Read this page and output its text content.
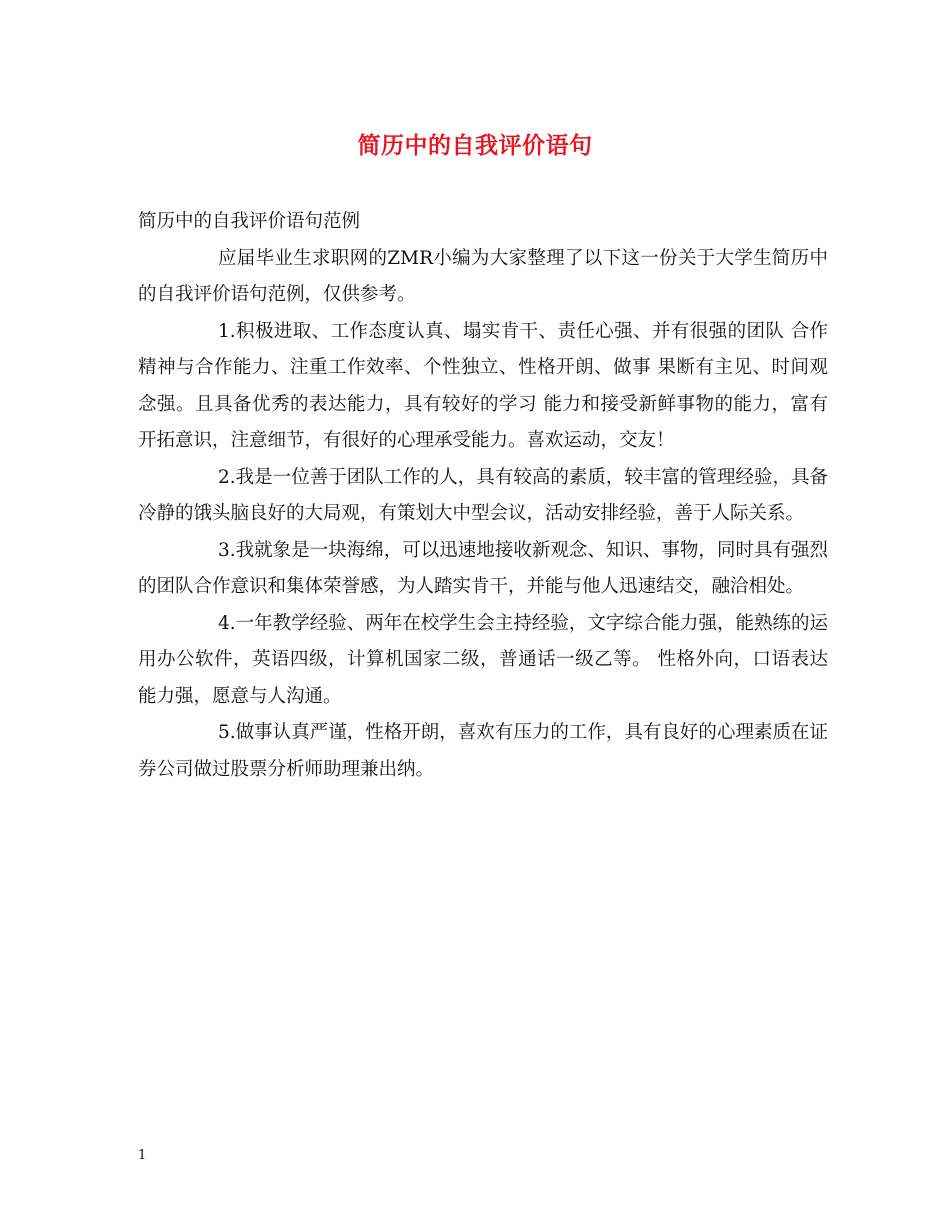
简历中的自我评价语句

简历中的自我评价语句范例

应届毕业生求职网的ZMR小编为大家整理了以下这一份关于大学生简历中的自我评价语句范例，仅供参考。

1.积极进取、工作态度认真、塌实肯干、责任心强、并有很强的团队 合作精神与合作能力、注重工作效率、个性独立、性格开朗、做事 果断有主见、时间观念强。且具备优秀的表达能力，具有较好的学习 能力和接受新鲜事物的能力，富有开拓意识，注意细节，有很好的心理承受能力。喜欢运动，交友！

2.我是一位善于团队工作的人，具有较高的素质，较丰富的管理经验，具备冷静的饿头脑良好的大局观，有策划大中型会议，活动安排经验，善于人际关系。

3.我就象是一块海绵，可以迅速地接收新观念、知识、事物，同时具有强烈的团队合作意识和集体荣誉感，为人踏实肯干，并能与他人迅速结交，融洽相处。

4.一年教学经验、两年在校学生会主持经验，文字综合能力强，能熟练的运用办公软件，英语四级，计算机国家二级，普通话一级乙等。 性格外向，口语表达能力强，愿意与人沟通。

5.做事认真严谨，性格开朗，喜欢有压力的工作，具有良好的心理素质在证券公司做过股票分析师助理兼出纳。

1
